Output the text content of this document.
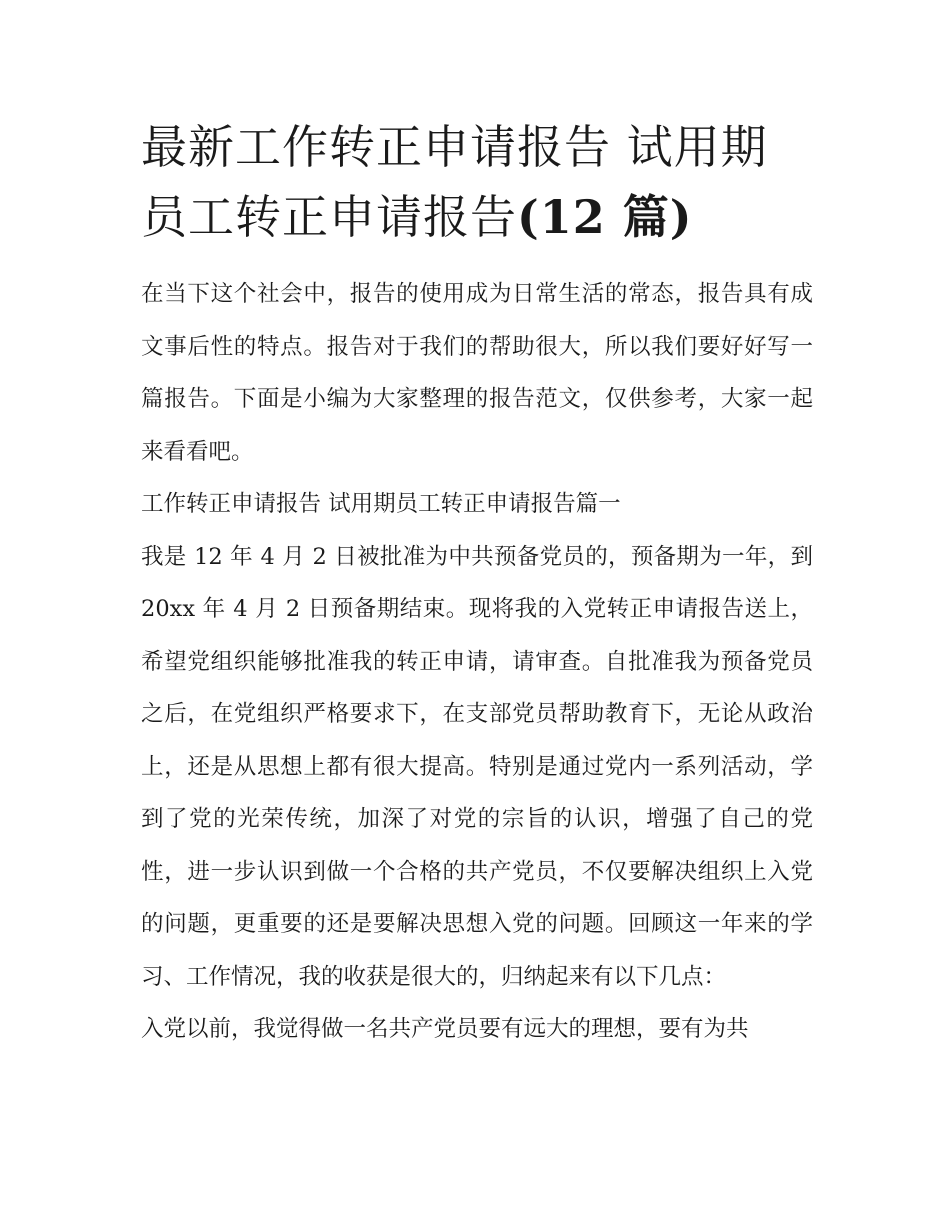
最新工作转正申请报告 试用期员工转正申请报告(12 篇)

在当下这个社会中，报告的使用成为日常生活的常态，报告具有成文事后性的特点。报告对于我们的帮助很大，所以我们要好好写一篇报告。下面是小编为大家整理的报告范文，仅供参考，大家一起来看看吧。

工作转正申请报告 试用期员工转正申请报告篇一

我是 12 年 4 月 2 日被批准为中共预备党员的，预备期为一年，到 20xx 年 4 月 2 日预备期结束。现将我的入党转正申请报告送上，希望党组织能够批准我的转正申请，请审查。自批准我为预备党员之后，在党组织严格要求下，在支部党员帮助教育下，无论从政治上，还是从思想上都有很大提高。特别是通过党内一系列活动，学到了党的光荣传统，加深了对党的宗旨的认识，增强了自己的党性，进一步认识到做一个合格的共产党员，不仅要解决组织上入党的问题，更重要的还是要解决思想入党的问题。回顾这一年来的学习、工作情况，我的收获是很大的，归纳起来有以下几点：

入党以前，我觉得做一名共产党员要有远大的理想，要有为共
